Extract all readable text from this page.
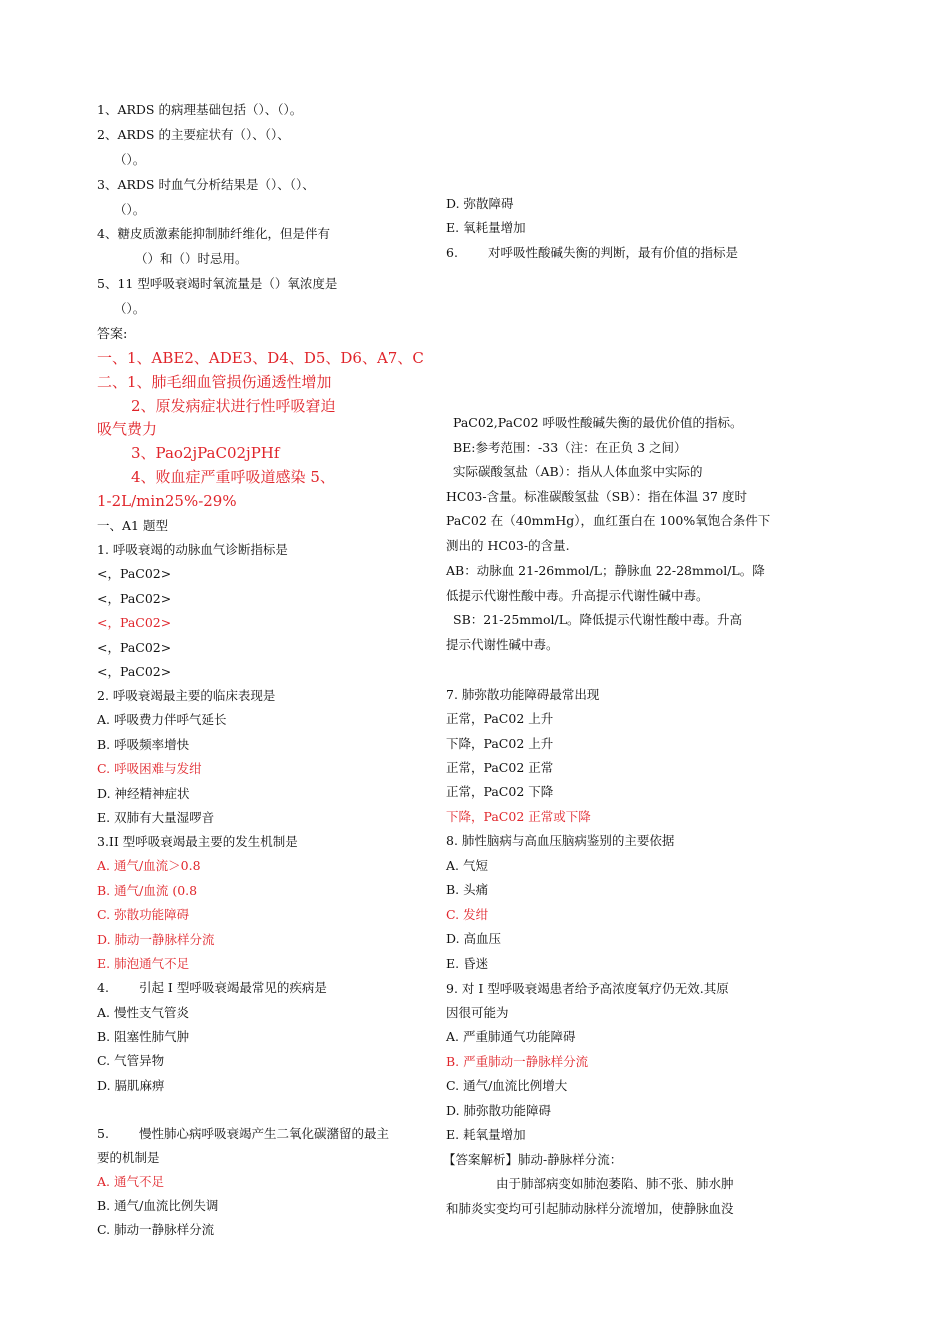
1、ARDS 的病理基础包括（）、（）。
2、ARDS 的主要症状有（）、（）、
（）。
3、ARDS 时血气分析结果是（）、（）、
（）。
4、糖皮质激素能抑制肺纤维化，但是伴有
（）和（）时忌用。
5、11 型呼吸衰竭时氧流量是（）氧浓度是
（）。
答案:
一、1、ABE2、ADE3、D4、D5、D6、A7、C
二、1、肺毛细血管损伤通透性增加
2、原发病症状进行性呼吸窘迫
吸气费力
3、Pao2jPaC02jPHf
4、败血症严重呼吸道感染 5、
1-2L/min25%-29%
一、A1 题型
1. 呼吸衰竭的动脉血气诊断指标是
<，PaC02>
<，PaC02>
<，PaC02>
<，PaC02>
<，PaC02>
2. 呼吸衰竭最主要的临床表现是
A. 呼吸费力伴呼气延长
B. 呼吸频率增快
C. 呼吸困难与发绀
D. 神经精神症状
E. 双肺有大量湿啰音
3.II 型呼吸衰竭最主要的发生机制是
A. 通气/血流＞0.8
B. 通气/血流 (0.8
C. 弥散功能障碍
D. 肺动一静脉样分流
E. 肺泡通气不足
4. 引起 I 型呼吸衰竭最常见的疾病是
A. 慢性支气管炎
B. 阻塞性肺气肿
C. 气管异物
D. 膈肌麻痹
5. 慢性肺心病呼吸衰竭产生二氧化碳潴留的最主
要的机制是
A. 通气不足
B. 通气/血流比例失调
C. 肺动一静脉样分流
D. 弥散障碍
E. 氧耗量增加
6. 对呼吸性酸碱失衡的判断，最有价值的指标是
PaC02,PaC02 呼吸性酸碱失衡的最优价值的指标。
BE:参考范围：-33（注：在正负 3 之间）
实际碳酸氢盐（AB）：指从人体血浆中实际的
HC03-含量。标准碳酸氢盐（SB）：指在体温 37 度时
PaC02 在（40mmHg），血红蛋白在 100%氧饱合条件下
测出的 HC03-的含量.
AB：动脉血 21-26mmol/L；静脉血 22-28mmol/L。降
低提示代谢性酸中毒。升高提示代谢性碱中毒。
SB：21-25mmol/L。降低提示代谢性酸中毒。升高
提示代谢性碱中毒。
7. 肺弥散功能障碍最常出现
正常，PaC02 上升
下降，PaC02 上升
正常，PaC02 正常
正常，PaC02 下降
下降，PaC02 正常或下降
8. 肺性脑病与高血压脑病鉴别的主要依据
A. 气短
B. 头痛
C. 发绀
D. 高血压
E. 昏迷
9. 对 I 型呼吸衰竭患者给予高浓度氧疗仍无效.其原
因很可能为
A. 严重肺通气功能障碍
B. 严重肺动一静脉样分流
C. 通气/血流比例增大
D. 肺弥散功能障碍
E. 耗氧量增加
【答案解析】肺动-静脉样分流：
由于肺部病变如肺泡萎陷、肺不张、肺水肿
和肺炎实变均可引起肺动脉样分流增加，使静脉血没
